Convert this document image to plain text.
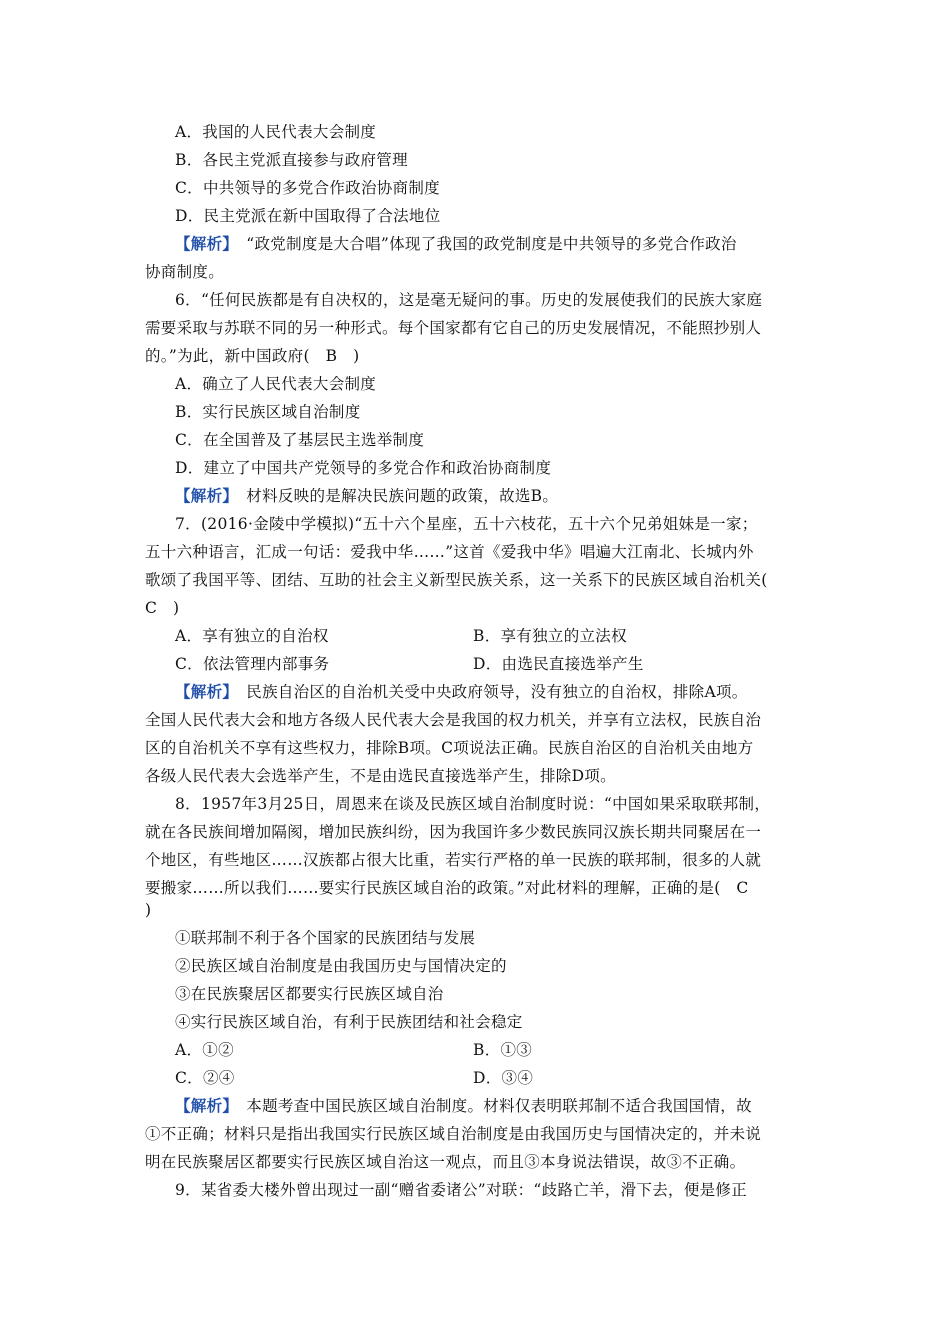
A．我国的人民代表大会制度
B．各民主党派直接参与政府管理
C．中共领导的多党合作政治协商制度
D．民主党派在新中国取得了合法地位
【解析】　 “政党制度是大合唱”体现了我国的政党制度是中共领导的多党合作政治
协商制度。
6．“任何民族都是有自决权的，这是毫无疑问的事。历史的发展使我们的民族大家庭
需要采取与苏联不同的另一种形式。每个国家都有它自己的历史发展情况，不能照抄别人
的。”为此，新中国政府(　B　)
A．确立了人民代表大会制度
B．实行民族区域自治制度
C．在全国普及了基层民主选举制度
D．建立了中国共产党领导的多党合作和政治协商制度
【解析】　 材料反映的是解决民族问题的政策，故选B。
7．(2016·金陵中学模拟)“五十六个星座，五十六枝花，五十六个兄弟姐妹是一家；
五十六种语言，汇成一句话：爱我中华……”这首《爱我中华》唱遍大江南北、长城内外
歌颂了我国平等、团结、互助的社会主义新型民族关系，这一关系下的民族区域自治机关(
C　)
A．享有独立的自治权	B．享有独立的立法权
C．依法管理内部事务	D．由选民直接选举产生
【解析】　 民族自治区的自治机关受中央政府领导，没有独立的自治权，排除A项。
全国人民代表大会和地方各级人民代表大会是我国的权力机关，并享有立法权，民族自治
区的自治机关不享有这些权力，排除B项。C项说法正确。民族自治区的自治机关由地方
各级人民代表大会选举产生，不是由选民直接选举产生，排除D项。
8．1957年3月25日，周恩来在谈及民族区域自治制度时说：“中国如果采取联邦制，
就在各民族间增加隔阂，增加民族纠纷，因为我国许多少数民族同汉族长期共同聚居在一
个地区，有些地区……汉族都占很大比重，若实行严格的单一民族的联邦制，很多的人就
要搬家……所以我们……要实行民族区域自治的政策。”对此材料的理解，正确的是(　C
)
①联邦制不利于各个国家的民族团结与发展
②民族区域自治制度是由我国历史与国情决定的
③在民族聚居区都要实行民族区域自治
④实行民族区域自治，有利于民族团结和社会稳定
A．①②	B．①③
C．②④	D．③④
【解析】　 本题考查中国民族区域自治制度。材料仅表明联邦制不适合我国国情，故
①不正确；材料只是指出我国实行民族区域自治制度是由我国历史与国情决定的，并未说
明在民族聚居区都要实行民族区域自治这一观点，而且③本身说法错误，故③不正确。
9．某省委大楼外曾出现过一副“赠省委诸公”对联：“歧路亡羊，滑下去，便是修正
